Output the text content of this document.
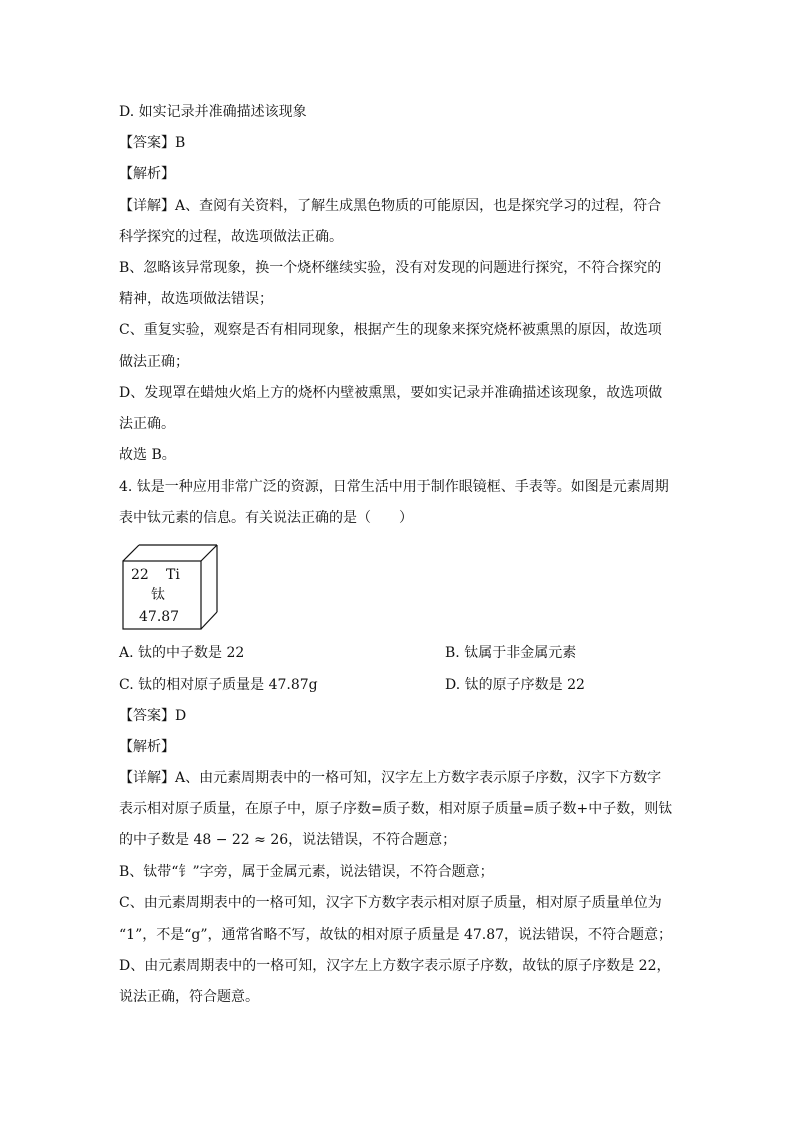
D. 如实记录并准确描述该现象
【答案】B
【解析】
【详解】A、查阅有关资料，了解生成黑色物质的可能原因，也是探究学习的过程，符合
科学探究的过程，故选项做法正确。
B、忽略该异常现象，换一个烧杯继续实验，没有对发现的问题进行探究，不符合探究的
精神，故选项做法错误；
C、重复实验，观察是否有相同现象，根据产生的现象来探究烧杯被熏黑的原因，故选项
做法正确；
D、发现罩在蜡烛火焰上方的烧杯内壁被熏黑，要如实记录并准确描述该现象，故选项做
法正确。
故选 B。
4. 钛是一种应用非常广泛的资源，日常生活中用于制作眼镜框、手表等。如图是元素周期
表中钛元素的信息。有关说法正确的是（　　）
22 Ti
钛
47.87
A. 钛的中子数是 22	B. 钛属于非金属元素
C. 钛的相对原子质量是 47.87g	D. 钛的原子序数是 22
【答案】D
【解析】
【详解】A、由元素周期表中的一格可知，汉字左上方数字表示原子序数，汉字下方数字
表示相对原子质量，在原子中，原子序数=质子数，相对原子质量=质子数+中子数，则钛
的中子数是 48 − 22 ≈ 26，说法错误，不符合题意；
B、钛带“钅”字旁，属于金属元素，说法错误，不符合题意；
C、由元素周期表中的一格可知，汉字下方数字表示相对原子质量，相对原子质量单位为
“1”，不是“g”，通常省略不写，故钛的相对原子质量是 47.87，说法错误，不符合题意；
D、由元素周期表中的一格可知，汉字左上方数字表示原子序数，故钛的原子序数是 22，
说法正确，符合题意。
